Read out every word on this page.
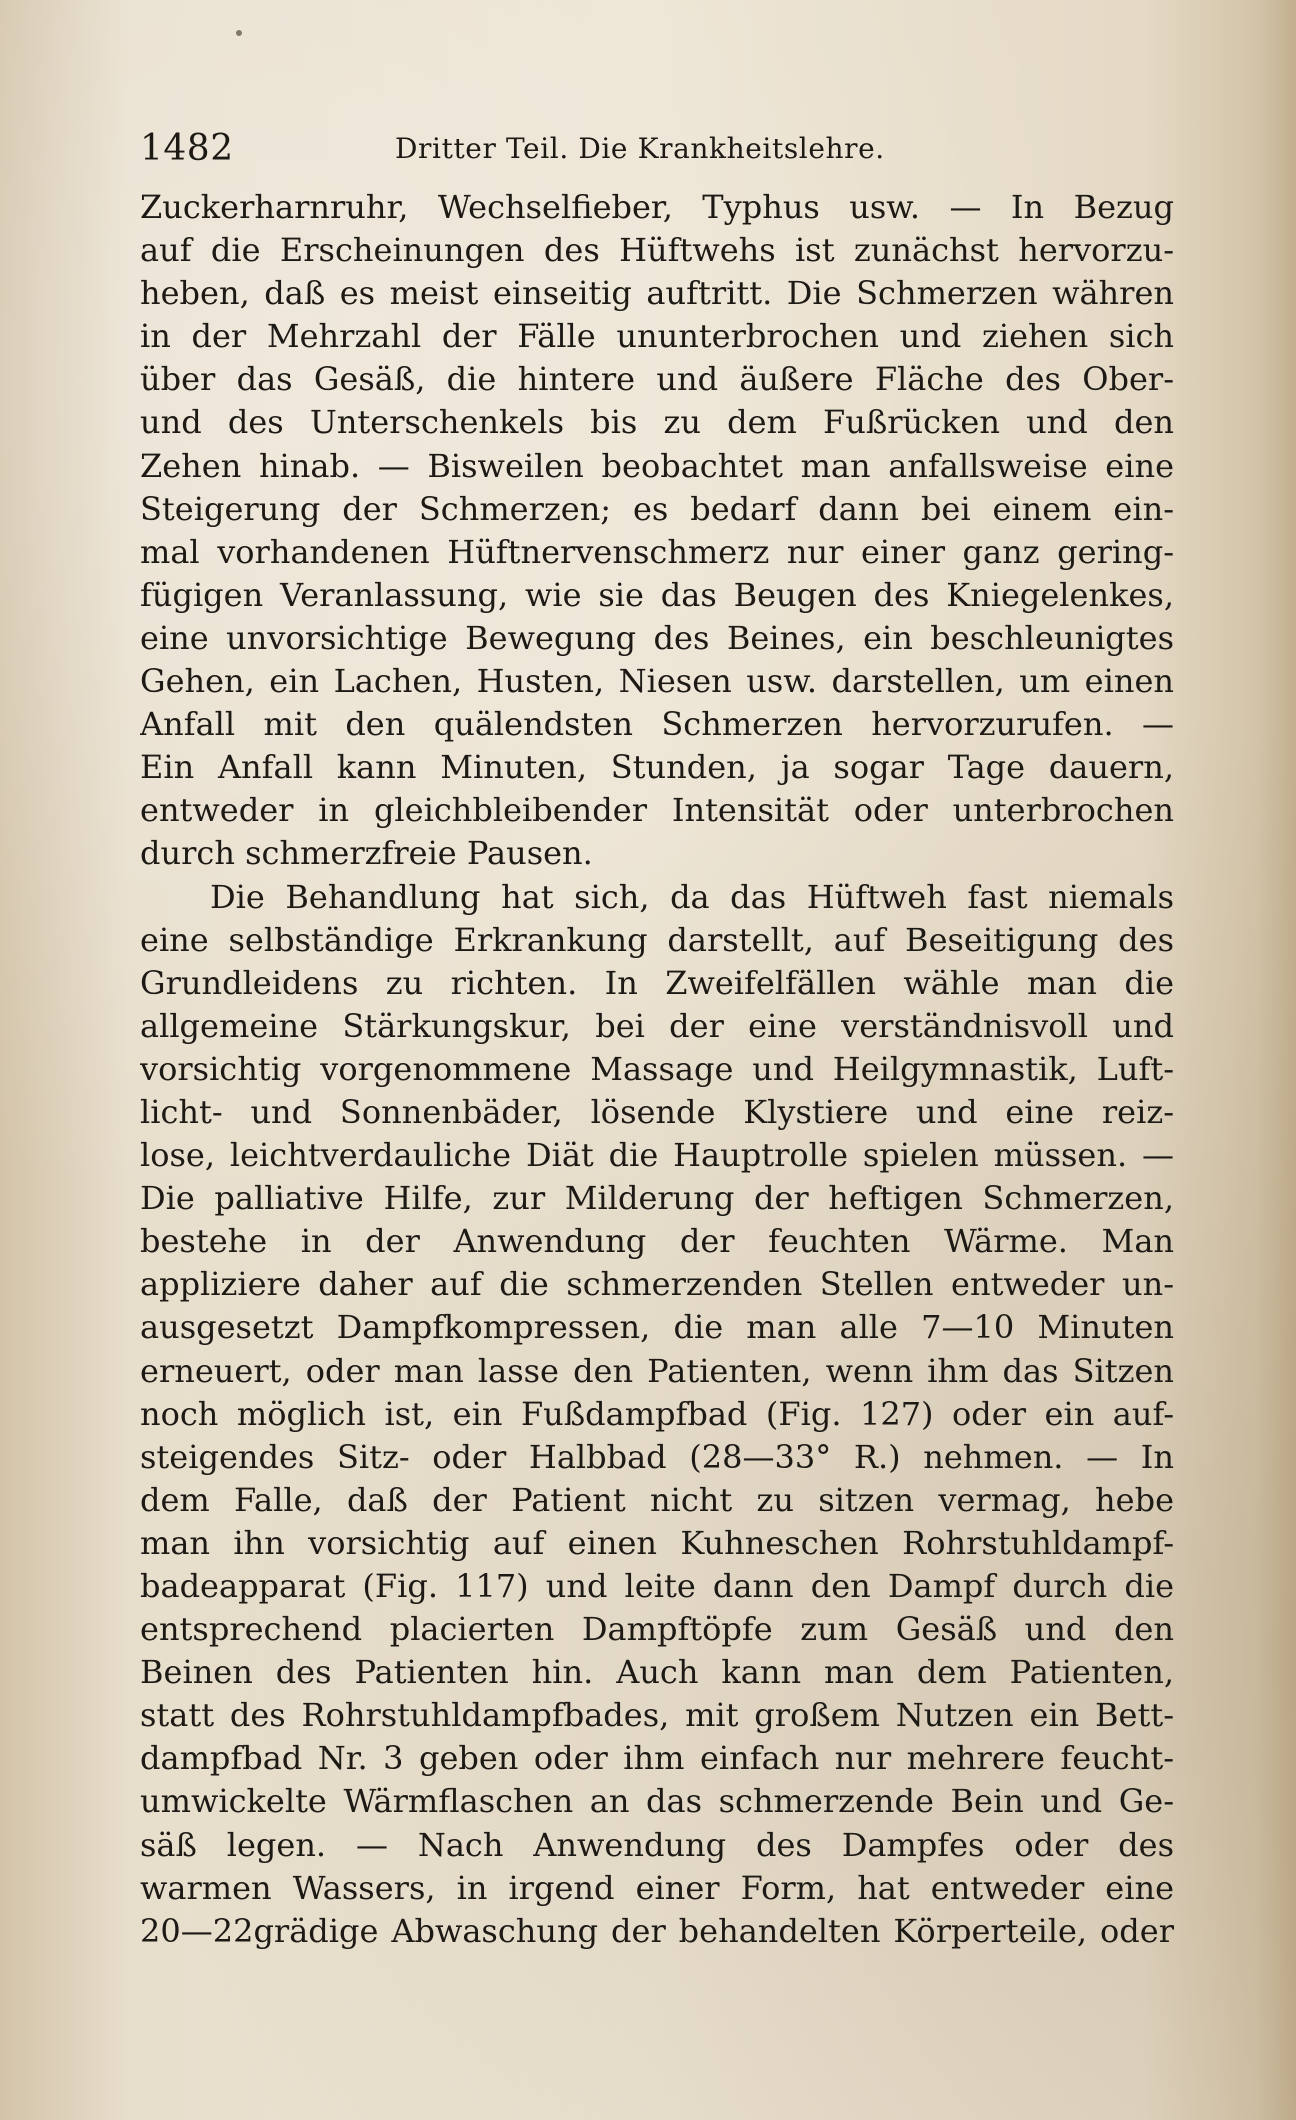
1482	Dritter Teil. Die Krankheitslehre.
Zuckerharnruhr, Wechselfieber, Typhus usw. — In Bezug
auf die Erscheinungen des Hüftwehs ist zunächst hervorzu-
heben, daß es meist einseitig auftritt. Die Schmerzen währen
in der Mehrzahl der Fälle ununterbrochen und ziehen sich
über das Gesäß, die hintere und äußere Fläche des Ober-
und des Unterschenkels bis zu dem Fußrücken und den
Zehen hinab. — Bisweilen beobachtet man anfallsweise eine
Steigerung der Schmerzen; es bedarf dann bei einem ein-
mal vorhandenen Hüftnervenschmerz nur einer ganz gering-
fügigen Veranlassung, wie sie das Beugen des Kniegelenkes,
eine unvorsichtige Bewegung des Beines, ein beschleunigtes
Gehen, ein Lachen, Husten, Niesen usw. darstellen, um einen
Anfall mit den quälendsten Schmerzen hervorzurufen. —
Ein Anfall kann Minuten, Stunden, ja sogar Tage dauern,
entweder in gleichbleibender Intensität oder unterbrochen
durch schmerzfreie Pausen.
Die Behandlung hat sich, da das Hüftweh fast niemals
eine selbständige Erkrankung darstellt, auf Beseitigung des
Grundleidens zu richten. In Zweifelfällen wähle man die
allgemeine Stärkungskur, bei der eine verständnisvoll und
vorsichtig vorgenommene Massage und Heilgymnastik, Luft-
licht- und Sonnenbäder, lösende Klystiere und eine reiz-
lose, leichtverdauliche Diät die Hauptrolle spielen müssen. —
Die palliative Hilfe, zur Milderung der heftigen Schmerzen,
bestehe in der Anwendung der feuchten Wärme. Man
appliziere daher auf die schmerzenden Stellen entweder un-
ausgesetzt Dampfkompressen, die man alle 7—10 Minuten
erneuert, oder man lasse den Patienten, wenn ihm das Sitzen
noch möglich ist, ein Fußdampfbad (Fig. 127) oder ein auf-
steigendes Sitz- oder Halbbad (28—33° R.) nehmen. — In
dem Falle, daß der Patient nicht zu sitzen vermag, hebe
man ihn vorsichtig auf einen Kuhneschen Rohrstuhldampf-
badeapparat (Fig. 117) und leite dann den Dampf durch die
entsprechend placierten Dampftöpfe zum Gesäß und den
Beinen des Patienten hin. Auch kann man dem Patienten,
statt des Rohrstuhldampfbades, mit großem Nutzen ein Bett-
dampfbad Nr. 3 geben oder ihm einfach nur mehrere feucht-
umwickelte Wärmflaschen an das schmerzende Bein und Ge-
säß legen. — Nach Anwendung des Dampfes oder des
warmen Wassers, in irgend einer Form, hat entweder eine
20—22grädige Abwaschung der behandelten Körperteile, oder
